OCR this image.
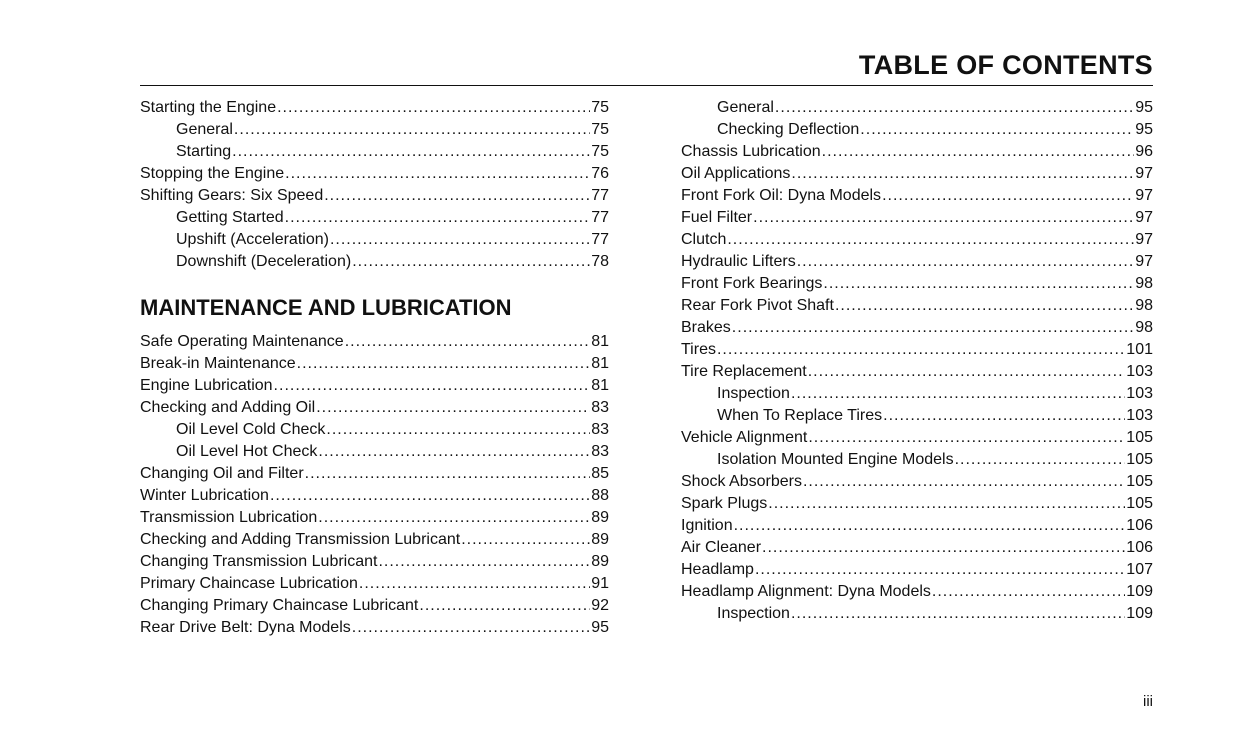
TABLE OF CONTENTS
Starting the Engine .....	75
General .....	75
Starting .....	75
Stopping the Engine .....	76
Shifting Gears: Six Speed .....	77
Getting Started .....	77
Upshift (Acceleration) .....	77
Downshift (Deceleration) .....	78
MAINTENANCE AND LUBRICATION
Safe Operating Maintenance .....	81
Break-in Maintenance .....	81
Engine Lubrication .....	81
Checking and Adding Oil .....	83
Oil Level Cold Check .....	83
Oil Level Hot Check .....	83
Changing Oil and Filter .....	85
Winter Lubrication .....	88
Transmission Lubrication .....	89
Checking and Adding Transmission Lubricant .....	89
Changing Transmission Lubricant .....	89
Primary Chaincase Lubrication .....	91
Changing Primary Chaincase Lubricant .....	92
Rear Drive Belt: Dyna Models .....	95
General .....	95
Checking Deflection .....	95
Chassis Lubrication .....	96
Oil Applications .....	97
Front Fork Oil: Dyna Models .....	97
Fuel Filter .....	97
Clutch .....	97
Hydraulic Lifters .....	97
Front Fork Bearings .....	98
Rear Fork Pivot Shaft .....	98
Brakes .....	98
Tires .....	101
Tire Replacement .....	103
Inspection .....	103
When To Replace Tires .....	103
Vehicle Alignment .....	105
Isolation Mounted Engine Models .....	105
Shock Absorbers .....	105
Spark Plugs .....	105
Ignition .....	106
Air Cleaner .....	106
Headlamp .....	107
Headlamp Alignment: Dyna Models .....	109
Inspection .....	109

iii
